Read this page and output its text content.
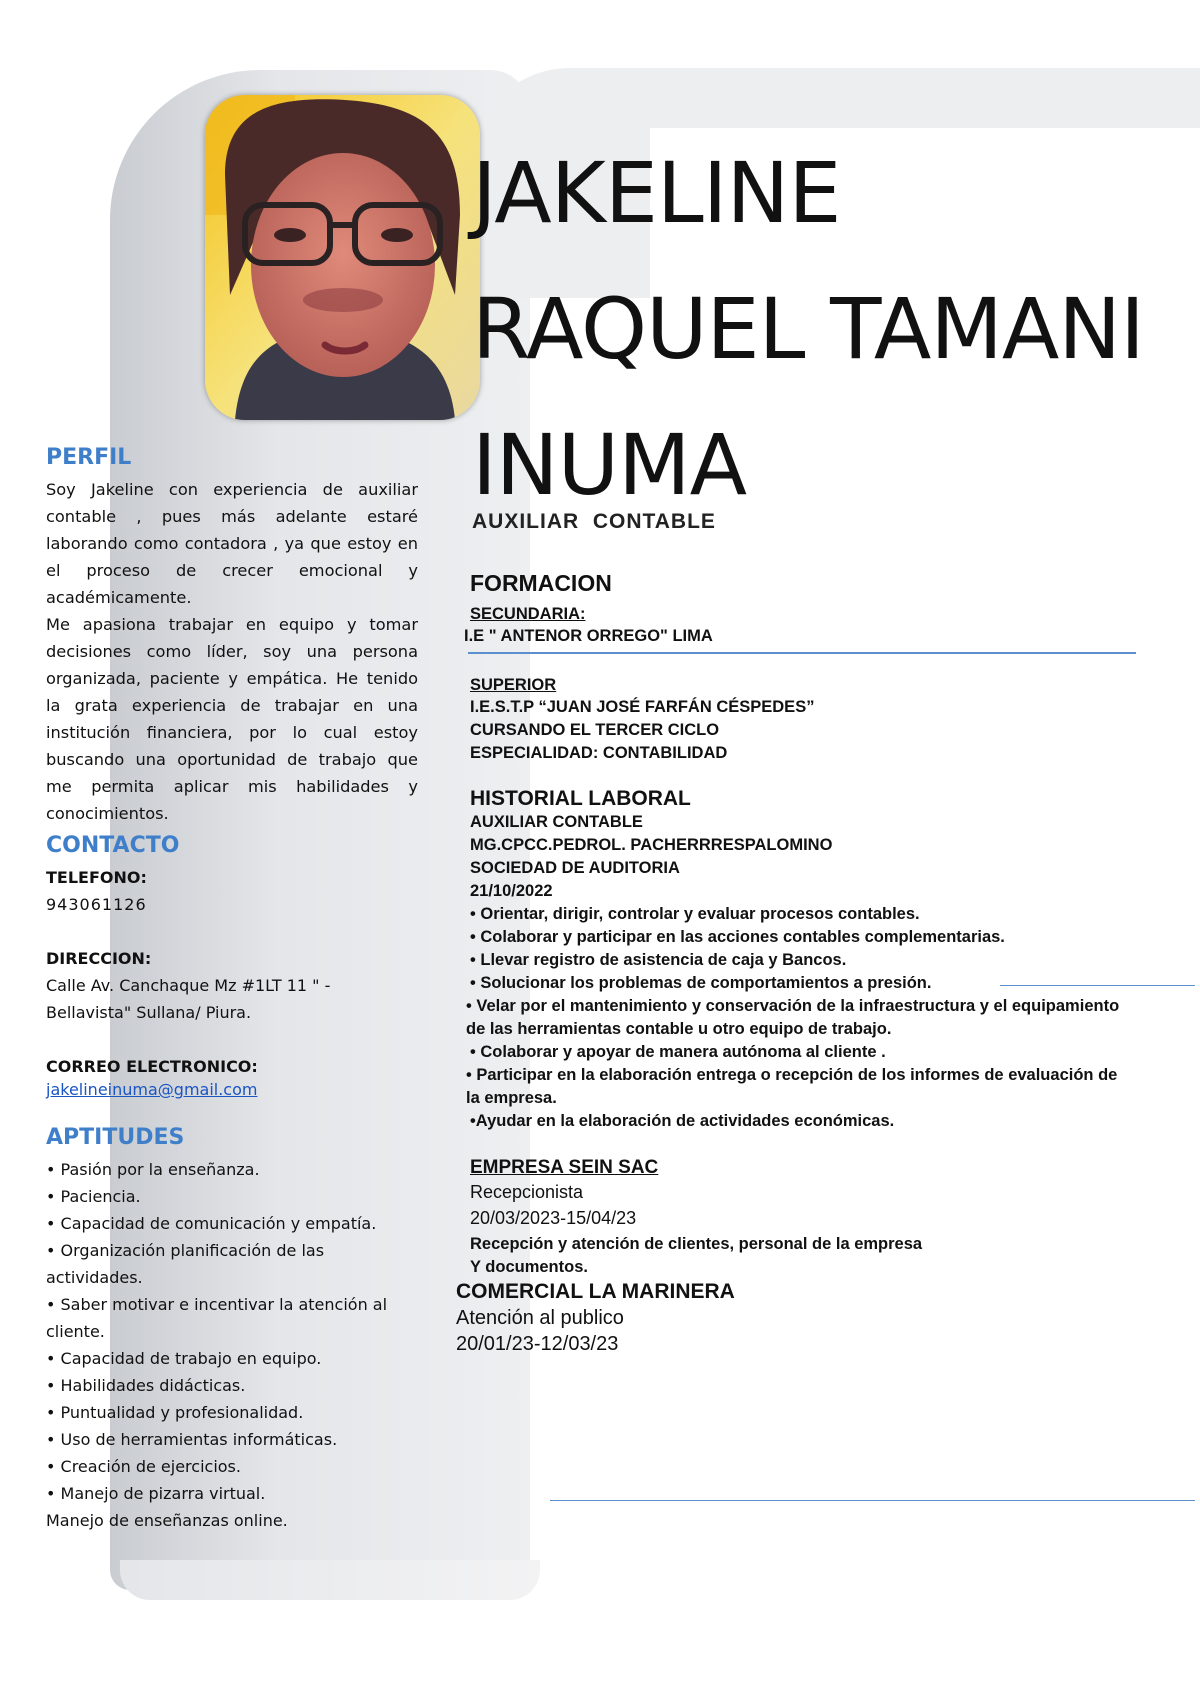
JAKELINE
RAQUEL TAMANI
INUMA
AUXILIAR  CONTABLE
PERFIL

Soy Jakeline con experiencia de auxiliar contable , pues más adelante estaré laborando como contadora , ya que estoy en el proceso de crecer emocional y académicamente.

Me apasiona trabajar en equipo y tomar decisiones como líder, soy una persona organizada, paciente y empática. He tenido la grata experiencia de trabajar en una institución financiera, por lo cual estoy buscando una oportunidad de trabajo que me permita aplicar mis habilidades y conocimientos.

CONTACTO
TELEFONO:
943061126
DIRECCION:
Calle Av. Canchaque Mz #1LT 11 " - Bellavista" Sullana/ Piura.
CORREO ELECTRONICO:
jakelineinuma@gmail.com
APTITUDES
• Pasión por la enseñanza.
• Paciencia.
• Capacidad de comunicación y empatía.
• Organización planificación de las actividades.
• Saber motivar e incentivar la atención al cliente.
• Capacidad de trabajo en equipo.
• Habilidades didácticas.
• Puntualidad y profesionalidad.
• Uso de herramientas informáticas.
• Creación de ejercicios.
• Manejo de pizarra virtual.
Manejo de enseñanzas online.
FORMACION
SECUNDARIA:
I.E " ANTENOR ORREGO" LIMA
SUPERIOR
I.E.S.T.P “JUAN JOSÉ FARFÁN CÉSPEDES”
CURSANDO EL TERCER CICLO
ESPECIALIDAD: CONTABILIDAD
HISTORIAL LABORAL
AUXILIAR CONTABLE
MG.CPCC.PEDROL. PACHERRRESPALOMINO
SOCIEDAD DE AUDITORIA
21/10/2022
• Orientar, dirigir, controlar y evaluar procesos contables.
• Colaborar y participar en las acciones contables complementarias.
• Llevar registro de asistencia de caja y Bancos.
• Solucionar los problemas de comportamientos a presión.
• Velar por el mantenimiento y conservación de la infraestructura y el equipamiento de las herramientas contable u otro equipo de trabajo.
• Colaborar y apoyar de manera autónoma al cliente .
• Participar en la elaboración entrega o recepción de los informes de evaluación de la empresa.
•Ayudar en la elaboración de actividades económicas.
EMPRESA SEIN SAC
Recepcionista
20/03/2023-15/04/23
Recepción y atención de clientes, personal de la empresa
Y documentos.
COMERCIAL LA MARINERA
Atención al publico
20/01/23-12/03/23
